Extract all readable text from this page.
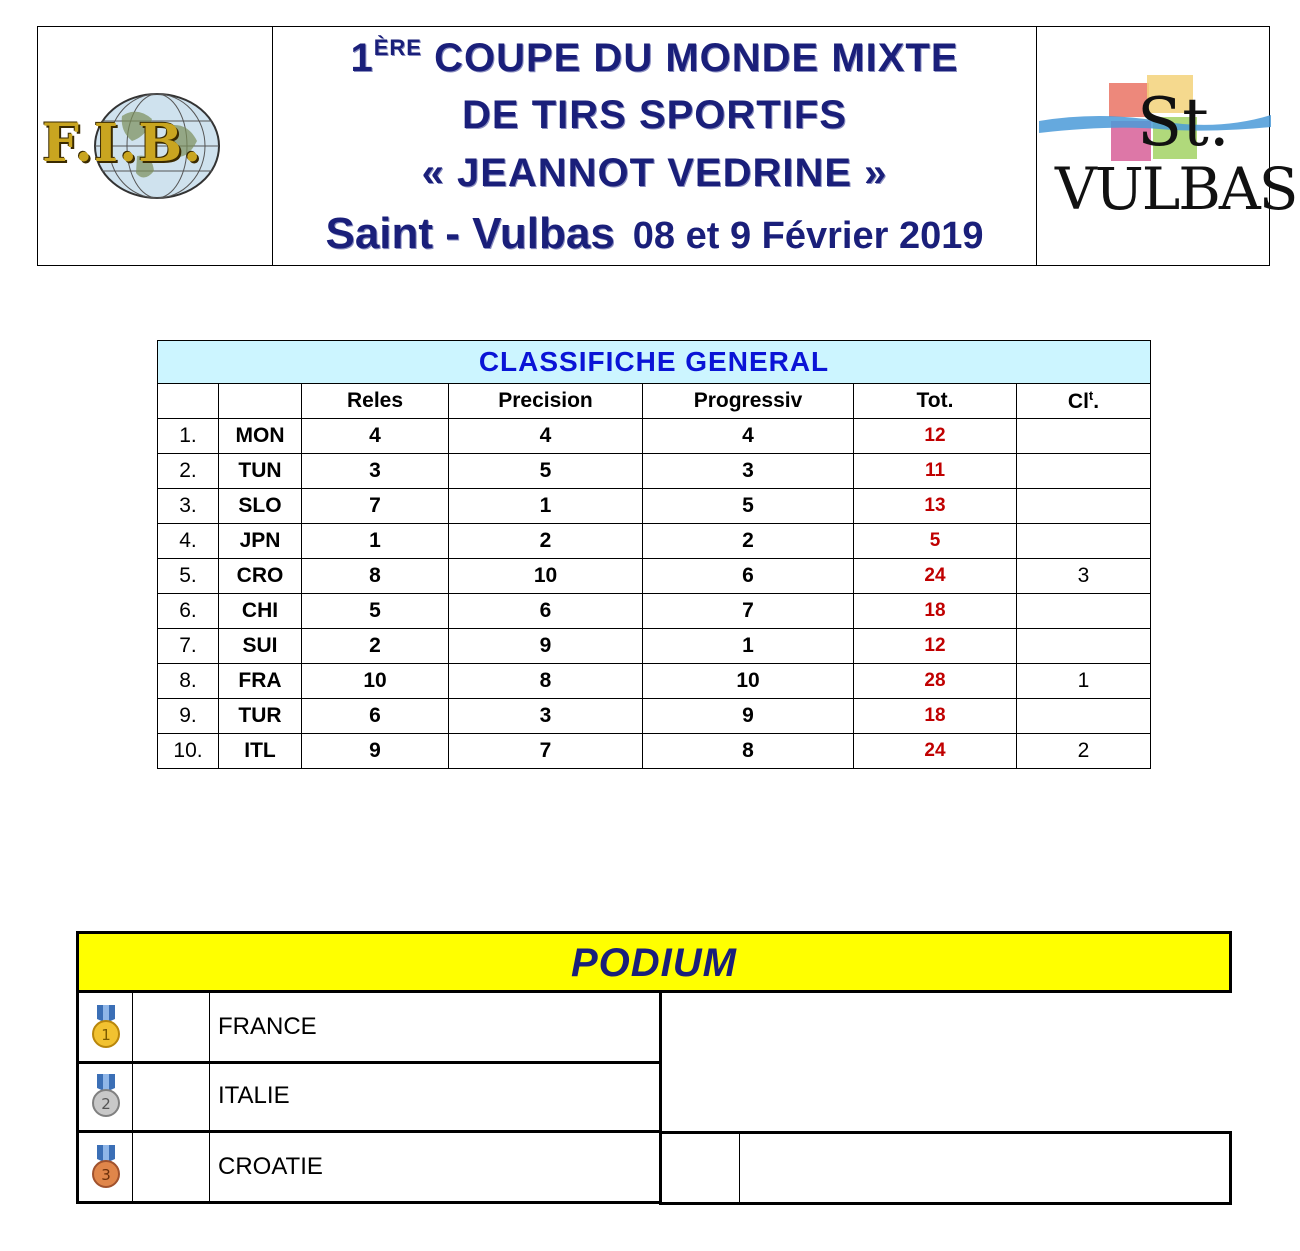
F.I.B.
1ÈRE COUPE DU MONDE MIXTE
DE TIRS SPORTIFS
« JEANNOT VEDRINE »
Saint - Vulbas 08 et 9 Février 2019
St.
VULBAS
CLASSIFICHE GENERAL						
		Reles	Precision	Progressiv	Tot.	Cl$^t$.
1.	MON	4	4	4	12	
2.	TUN	3	5	3	11	
3.	SLO	7	1	5	13	
4.	JPN	1	2	2	5	
5.	CRO	8	10	6	24	3
6.	CHI	5	6	7	18	
7.	SUI	2	9	1	12	
8.	FRA	10	8	10	28	1
9.	TUR	6	3	9	18	
10.	ITL	9	7	8	24	2
PODIUM
1	FRANCE
2	ITALIE
3	CROATIE
